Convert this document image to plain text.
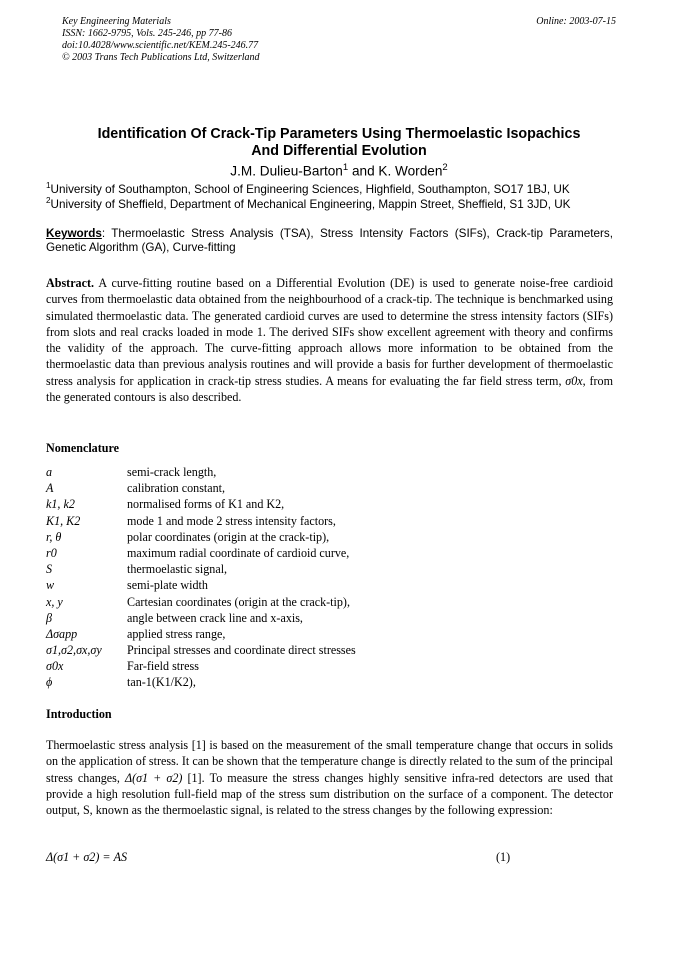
Key Engineering Materials
ISSN: 1662-9795, Vols. 245-246, pp 77-86
doi:10.4028/www.scientific.net/KEM.245-246.77
© 2003 Trans Tech Publications Ltd, Switzerland
Online: 2003-07-15
Identification Of Crack-Tip Parameters Using Thermoelastic Isopachics
And Differential Evolution
J.M. Dulieu-Barton$^1$ and K. Worden$^2$
$^1$University of Southampton, School of Engineering Sciences, Highfield, Southampton, SO17 1BJ, UK
$^2$University of Sheffield, Department of Mechanical Engineering, Mappin Street, Sheffield, S1 3JD, UK
Keywords: Thermoelastic Stress Analysis (TSA), Stress Intensity Factors (SIFs), Crack-tip Parameters, Genetic Algorithm (GA), Curve-fitting
Abstract. A curve-fitting routine based on a Differential Evolution (DE) is used to generate noise-free cardioid curves from thermoelastic data obtained from the neighbourhood of a crack-tip. The technique is benchmarked using simulated thermoelastic data. The generated cardioid curves are used to determine the stress intensity factors (SIFs) from slots and real cracks loaded in mode 1. The derived SIFs show excellent agreement with theory and confirms the validity of the approach. The curve-fitting approach allows more information to be obtained from the thermoelastic data than previous analysis routines and will provide a basis for further development of thermoelastic stress analysis for application in crack-tip stress studies. A means for evaluating the far field stress term, σ0x, from the generated contours is also described.
Nomenclature
a	semi-crack length,
A	calibration constant,
k1, k2	normalised forms of K1 and K2,
K1, K2	mode 1 and mode 2 stress intensity factors,
r, θ	polar coordinates (origin at the crack-tip),
r0	maximum radial coordinate of cardioid curve,
S	thermoelastic signal,
w	semi-plate width
x, y	Cartesian coordinates (origin at the crack-tip),
β	angle between crack line and x-axis,
Δσapp	applied stress range,
σ1,σ2,σx,σy Principal stresses and coordinate direct stresses
σ0x	Far-field stress
ϕ	tan-1(K1/K2),
Introduction
Thermoelastic stress analysis [1] is based on the measurement of the small temperature change that occurs in solids on the application of stress. It can be shown that the temperature change is directly related to the sum of the principal stress changes, Δ(σ1 + σ2) [1]. To measure the stress changes highly sensitive infra-red detectors are used that provide a high resolution full-field map of the stress sum distribution on the surface of a component. The detector output, S, known as the thermoelastic signal, is related to the stress changes by the following expression:
Δ(σ1 + σ2) = AS	(1)
